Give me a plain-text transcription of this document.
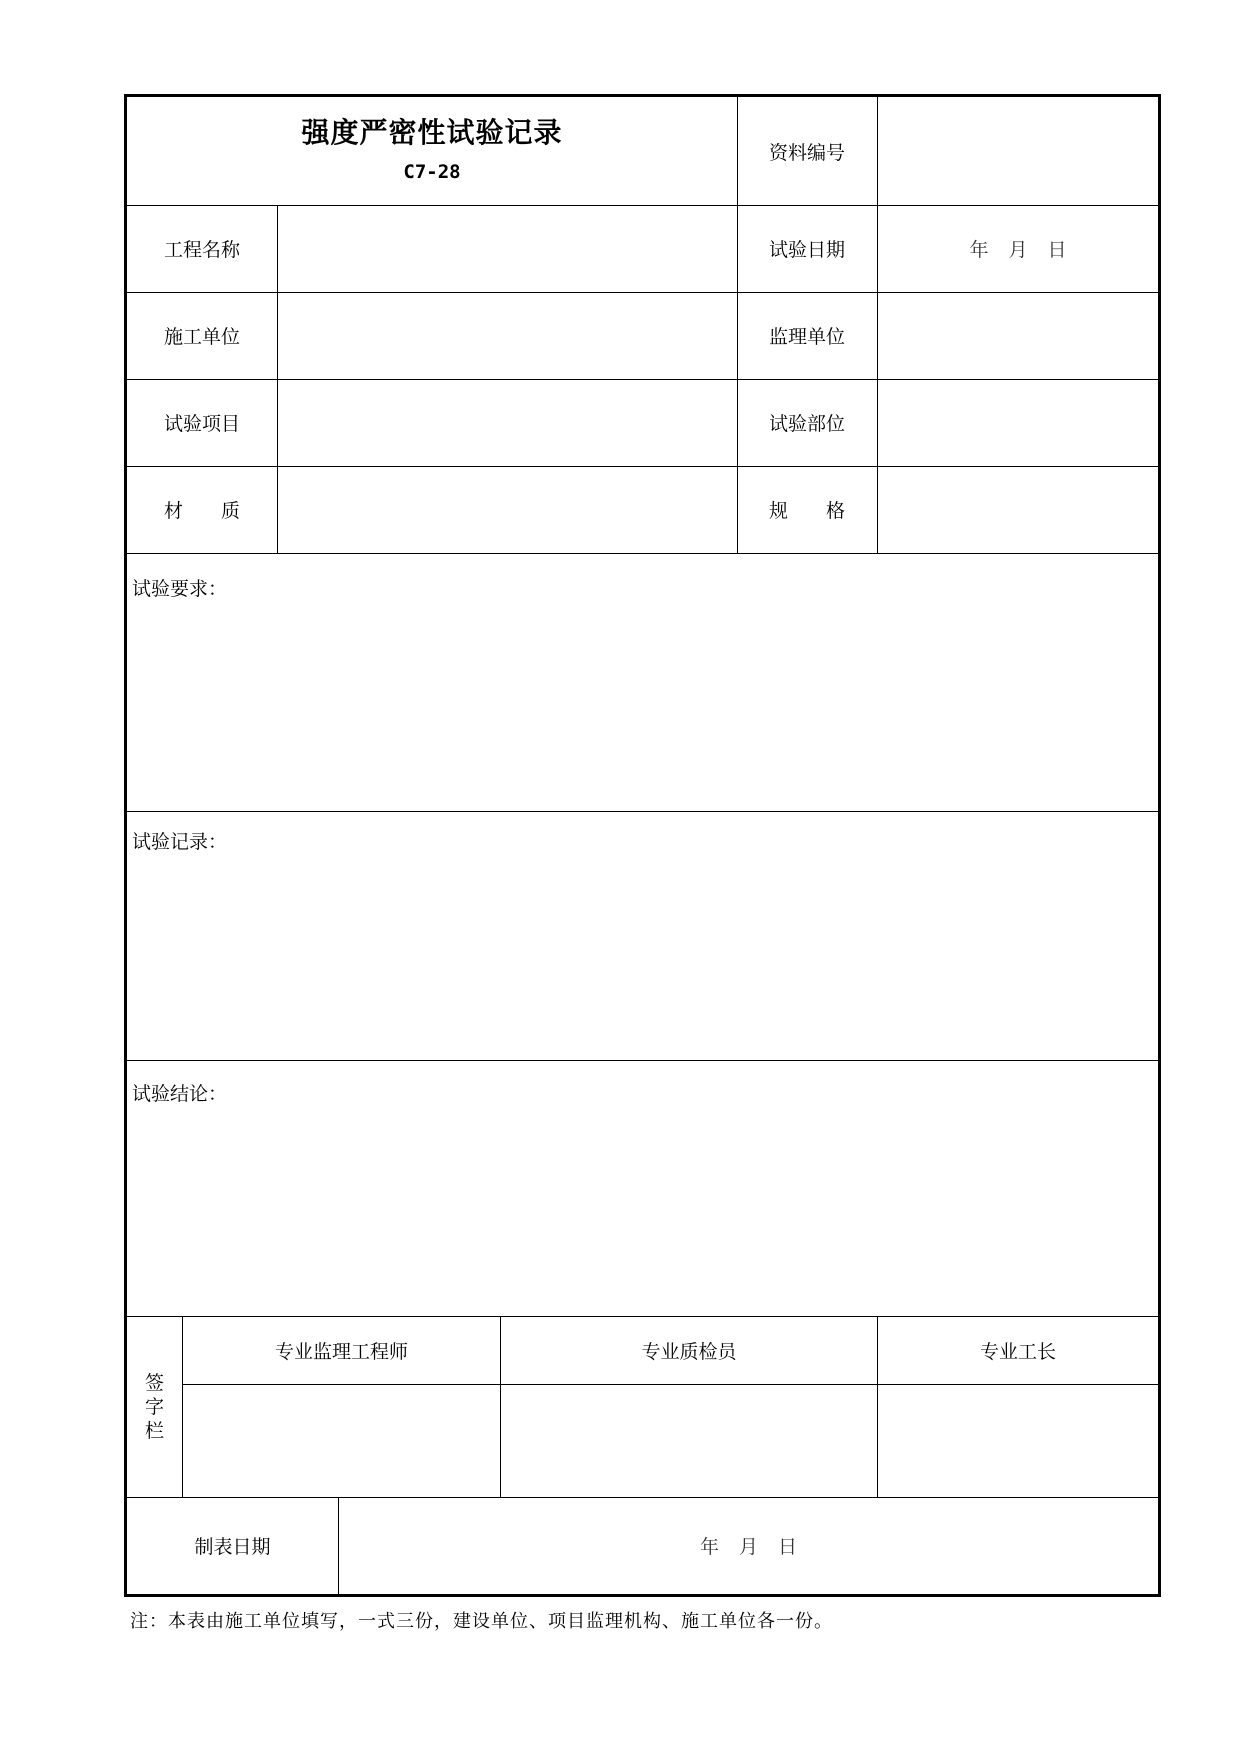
强度严密性试验记录
C7-28
资料编号
工程名称	试验日期	年 月 日
施工单位	监理单位
试验项目	试验部位
材 质	规 格
试验要求：
试验记录：
试验结论：
签
字
栏
专业监理工程师	专业质检员	专业工长
制表日期	年 月 日
注：本表由施工单位填写，一式三份，建设单位、项目监理机构、施工单位各一份。
